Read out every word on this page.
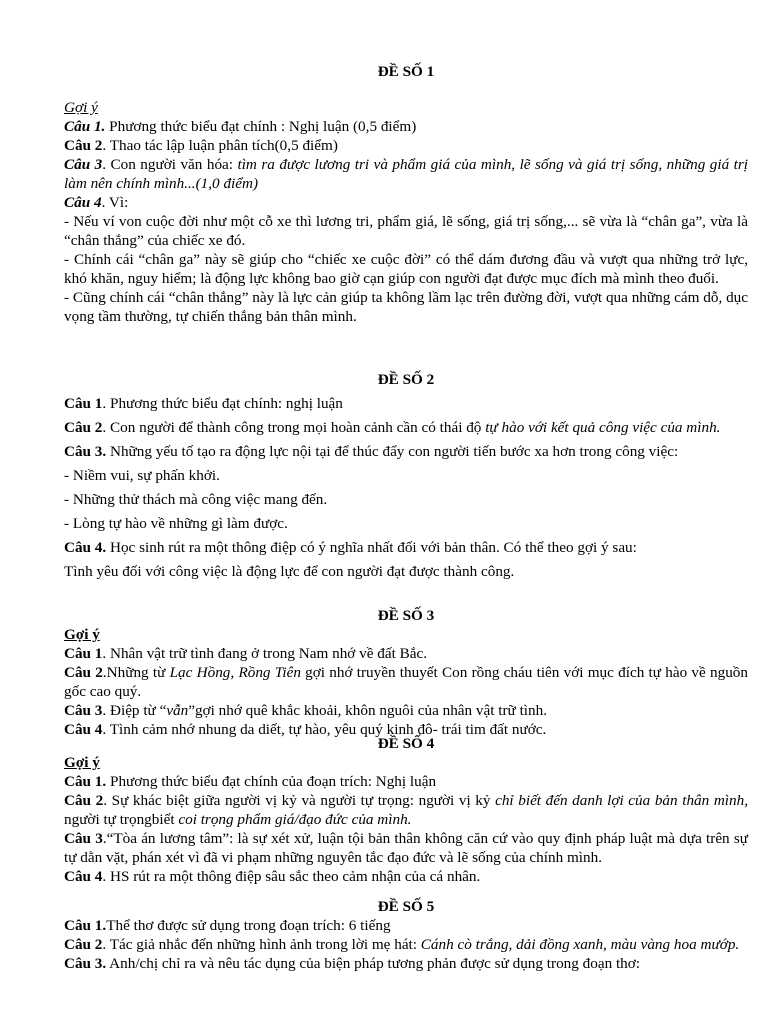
ĐỀ SỐ 1
Gợi ý
Câu 1. Phương thức biểu đạt chính : Nghị luận (0,5 điểm)
Câu 2. Thao tác lập luận phân tích(0,5 điểm)
Câu 3. Con người văn hóa: tìm ra được lương tri và phẩm giá của mình, lẽ sống và giá trị sống, những giá trị làm nên chính mình...(1,0 điểm)
Câu 4. Vì:
- Nếu ví von cuộc đời như một cỗ xe thì lương tri, phẩm giá, lẽ sống, giá trị sống,... sẽ vừa là “chân ga”, vừa là “chân thắng” của chiếc xe đó.
- Chính cái “chân ga” này sẽ giúp cho “chiếc xe cuộc đời” có thể dám đương đầu và vượt qua những trở lực, khó khăn, nguy hiểm; là động lực không bao giờ cạn giúp con người đạt được mục đích mà mình theo đuổi.
- Cũng chính cái “chân thắng” này là lực cản giúp ta không lầm lạc trên đường đời, vượt qua những cám dỗ, dục vọng tầm thường, tự chiến thắng bản thân mình.
ĐỀ SỐ 2
Câu 1. Phương thức biểu đạt chính: nghị luận
Câu 2. Con người để thành công trong mọi hoàn cảnh cần có thái độ tự hào với kết quả công việc của mình.
Câu 3. Những yếu tố tạo ra động lực nội tại để thúc đẩy con người tiến bước xa hơn trong công việc:
- Niềm vui, sự phấn khởi.
- Những thử thách mà công việc mang đến.
- Lòng tự hào về những gì làm được.
Câu 4. Học sinh rút ra một thông điệp có ý nghĩa nhất đối với bản thân. Có thể theo gợi ý sau:
Tình yêu đối với công việc là động lực để con người đạt được thành công.
ĐỀ SỐ 3
Gợi ý
Câu 1. Nhân vật trữ tình đang ở trong Nam nhớ về đất Bắc.
Câu 2.Những từ Lạc Hồng, Rồng Tiên gợi nhớ truyền thuyết Con rồng cháu tiên với mục đích tự hào về nguồn gốc cao quý.
Câu 3. Điệp từ “vẫn”gợi nhớ quê khắc khoải, khôn nguôi của nhân vật trữ tình.
Câu 4. Tình cảm nhớ nhung da diết, tự hào, yêu quý kinh đô- trái tim đất nước.
ĐỀ SỐ 4
Gợi ý
Câu 1. Phương thức biểu đạt chính của đoạn trích: Nghị luận
Câu 2. Sự khác biệt giữa người vị kỷ và người tự trọng: người vị kỷ chỉ biết đến danh lợi của bản thân mình, người tự trọngbiết coi trọng phẩm giá/đạo đức của mình.
Câu 3.“Tòa án lương tâm”: là sự xét xử, luận tội bản thân không căn cứ vào quy định pháp luật mà dựa trên sự tự dằn vặt, phán xét vì đã vi phạm những nguyên tắc đạo đức và lẽ sống của chính mình.
Câu 4. HS rút ra một thông điệp sâu sắc theo cảm nhận của cá nhân.
ĐỀ SỐ 5
Câu 1.Thể thơ được sử dụng trong đoạn trích: 6 tiếng
Câu 2. Tác giả nhắc đến những hình ảnh trong lời mẹ hát: Cánh cò trắng, dải đồng xanh, màu vàng hoa mướp.
Câu 3. Anh/chị chỉ ra và nêu tác dụng của biện pháp tương phản được sử dụng trong đoạn thơ:
